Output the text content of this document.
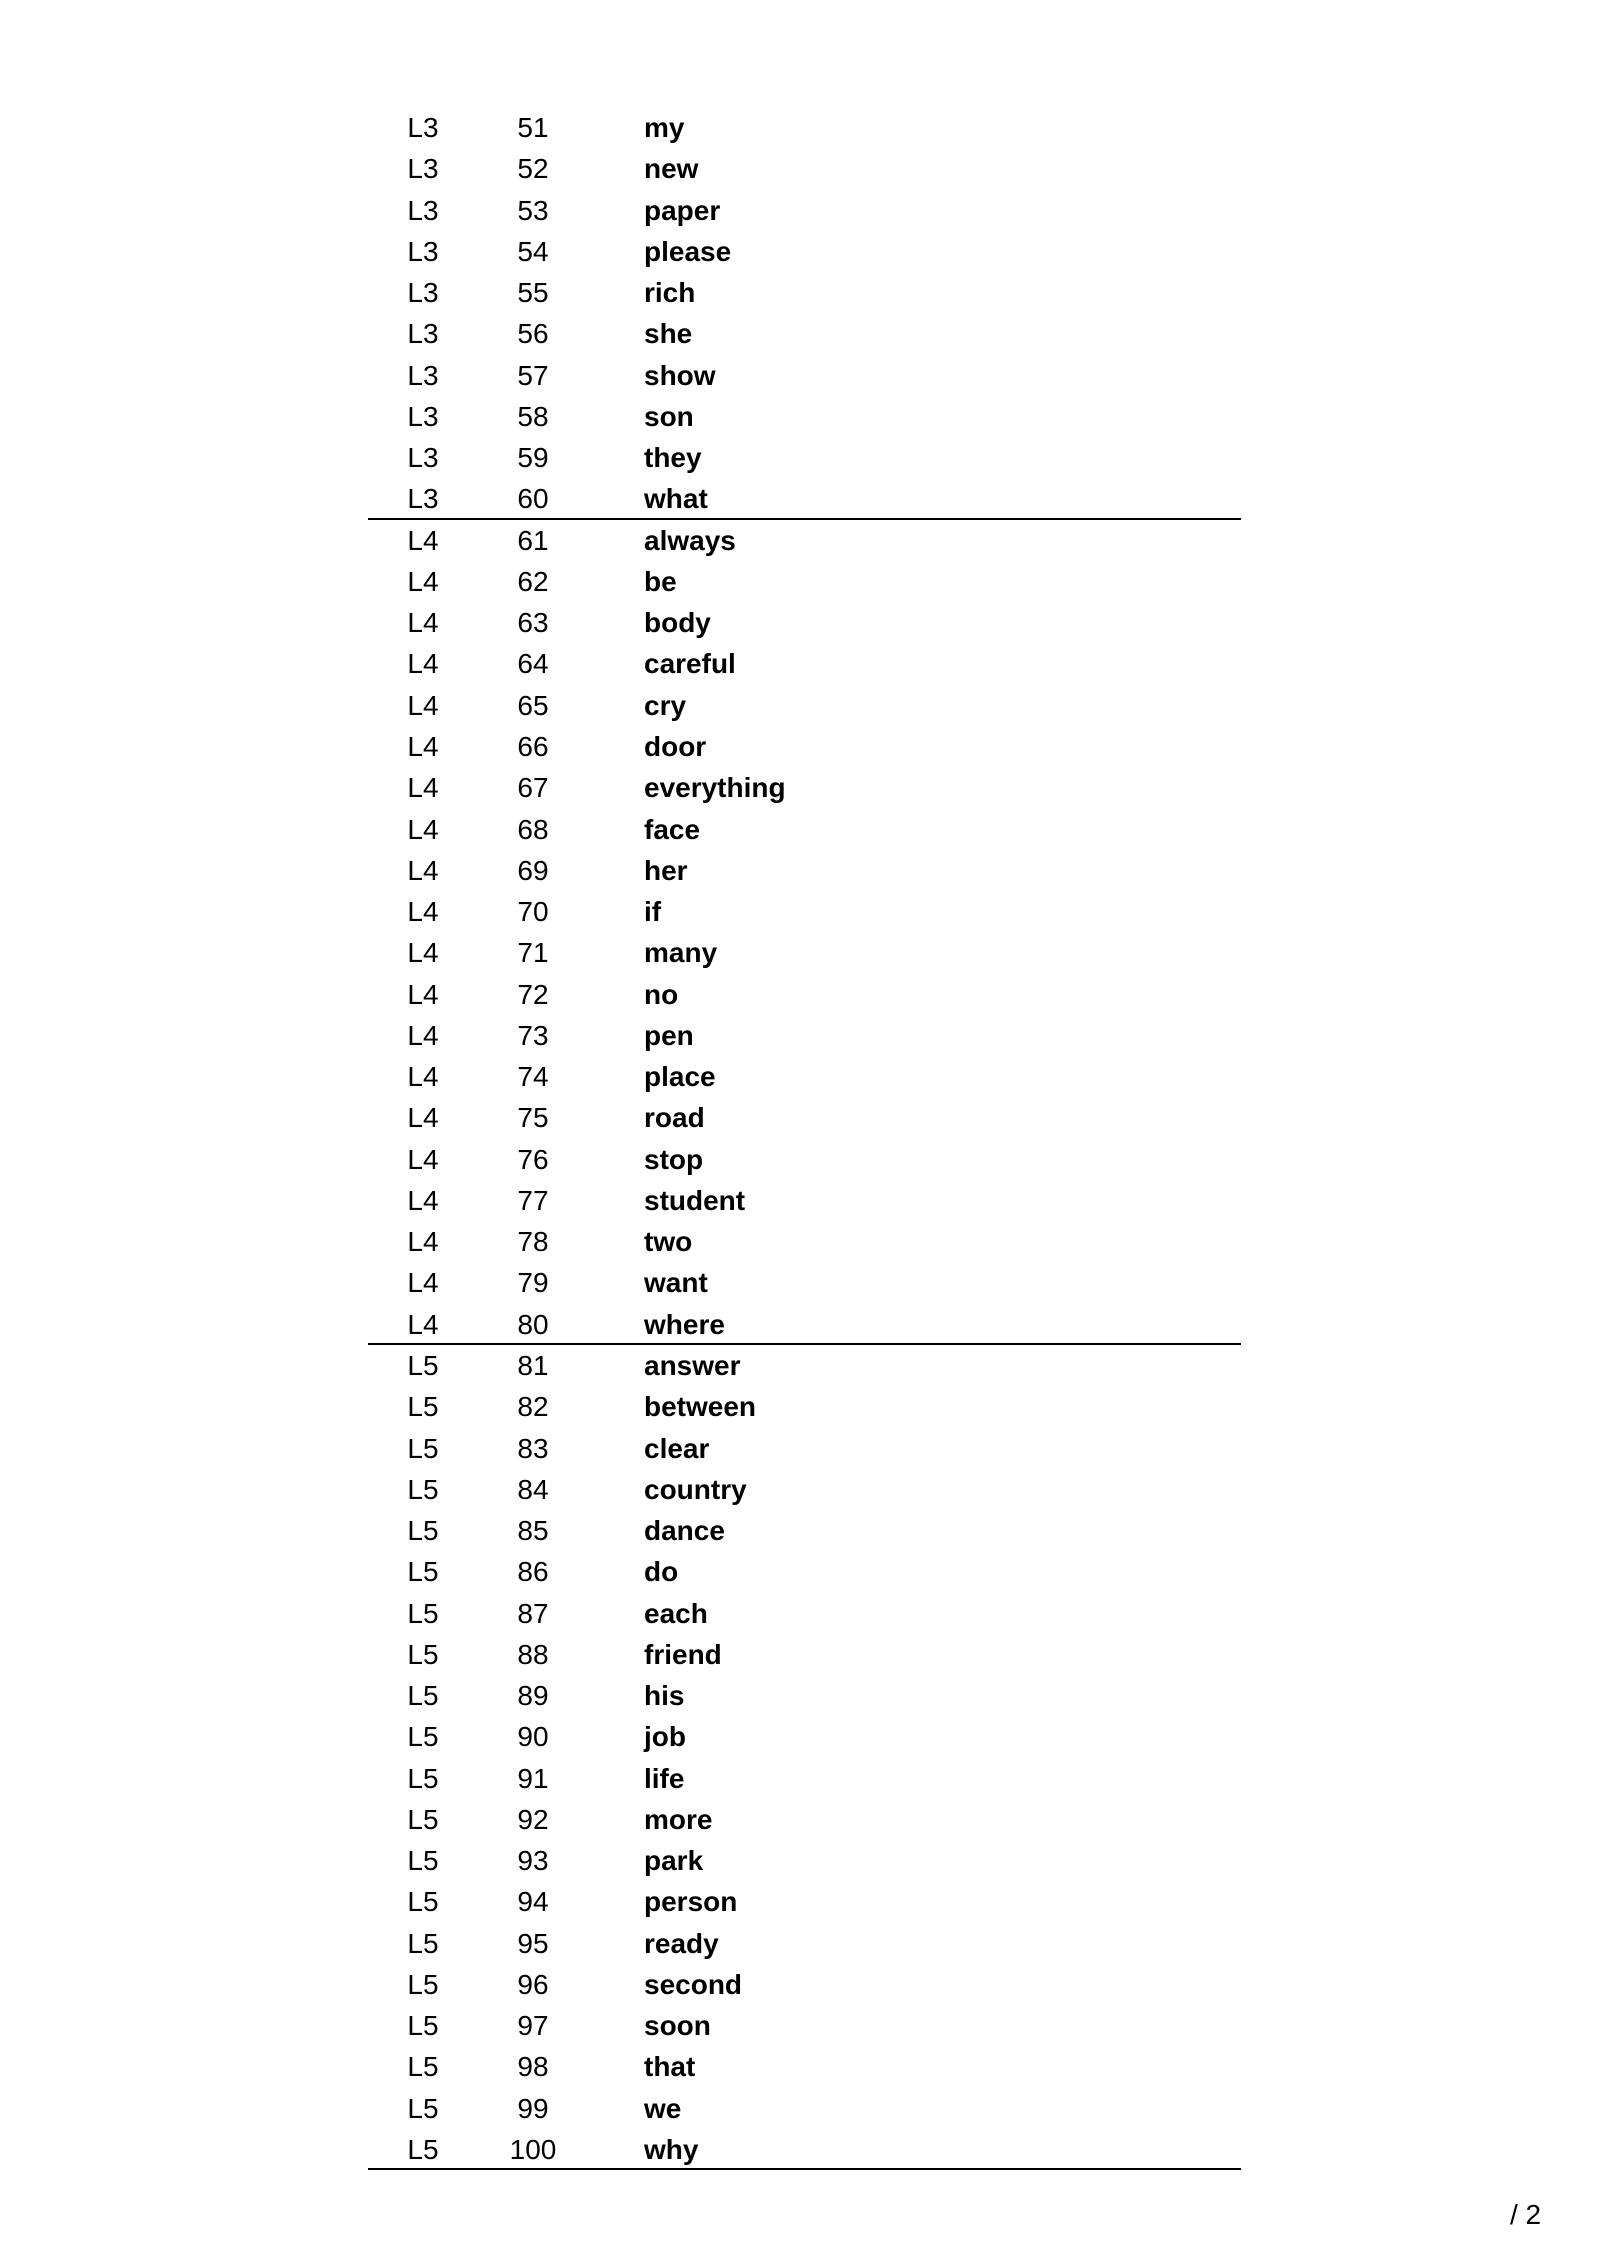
L3	51	my
L3	52	new
L3	53	paper
L3	54	please
L3	55	rich
L3	56	she
L3	57	show
L3	58	son
L3	59	they
L3	60	what
L4	61	always
L4	62	be
L4	63	body
L4	64	careful
L4	65	cry
L4	66	door
L4	67	everything
L4	68	face
L4	69	her
L4	70	if
L4	71	many
L4	72	no
L4	73	pen
L4	74	place
L4	75	road
L4	76	stop
L4	77	student
L4	78	two
L4	79	want
L4	80	where
L5	81	answer
L5	82	between
L5	83	clear
L5	84	country
L5	85	dance
L5	86	do
L5	87	each
L5	88	friend
L5	89	his
L5	90	job
L5	91	life
L5	92	more
L5	93	park
L5	94	person
L5	95	ready
L5	96	second
L5	97	soon
L5	98	that
L5	99	we
L5	100	why
/ 2
